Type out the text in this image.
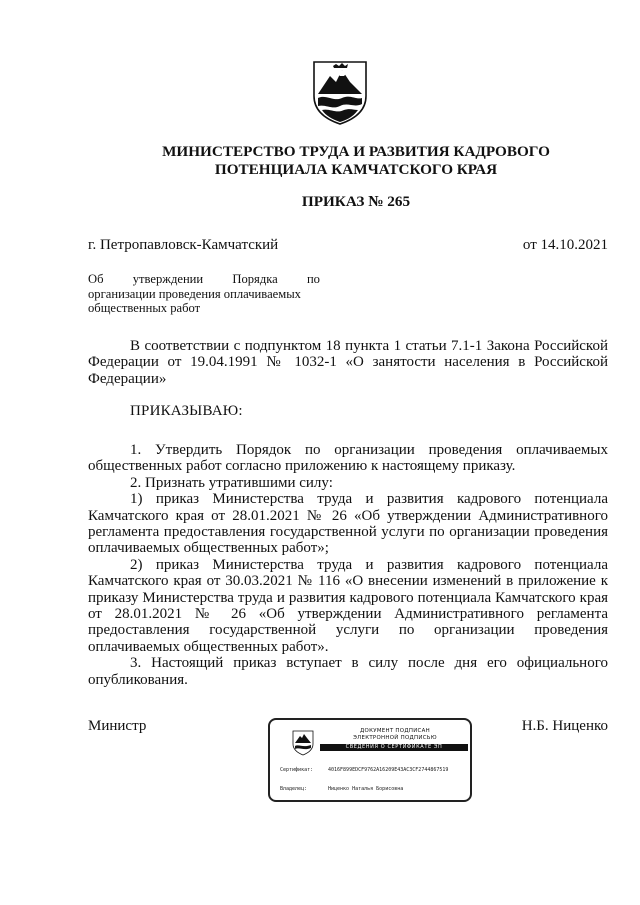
МИНИСТЕРСТВО ТРУДА И РАЗВИТИЯ КАДРОВОГО
ПОТЕНЦИАЛА КАМЧАТСКОГО КРАЯ
ПРИКАЗ № 265
г. Петропавловск-Камчатский	от 14.10.2021
Об утверждении Порядка по
организации проведения оплачиваемых
общественных работ

В соответствии с подпунктом 18 пункта 1 статьи 7.1-1 Закона Российской Федерации от 19.04.1991 № 1032-1 «О занятости населения в Российской Федерации»

ПРИКАЗЫВАЮ:

1. Утвердить Порядок по организации проведения оплачиваемых общественных работ согласно приложению к настоящему приказу.

2. Признать утратившими силу:

1) приказ Министерства труда и развития кадрового потенциала Камчатского края от 28.01.2021 № 26 «Об утверждении Административного регламента предоставления государственной услуги по организации проведения оплачиваемых общественных работ»;

2) приказ Министерства труда и развития кадрового потенциала Камчатского края от 30.03.2021 № 116 «О внесении изменений в приложение к приказу Министерства труда и развития кадрового потенциала Камчатского края от 28.01.2021 № 26 «Об утверждении Административного регламента предоставления государственной услуги по организации проведения оплачиваемых общественных работ».

3. Настоящий приказ вступает в силу после дня его официального опубликования.

Министр	Н.Б. Ниценко
ДОКУМЕНТ ПОДПИСАН
ЭЛЕКТРОННОЙ ПОДПИСЬЮ
СВЕДЕНИЯ О СЕРТИФИКАТЕ ЭП
Сертификат:	4016F899EDCF9762A16209E43AC3CF2744867519
Владелец:	Ниценко Наталья Борисовна
